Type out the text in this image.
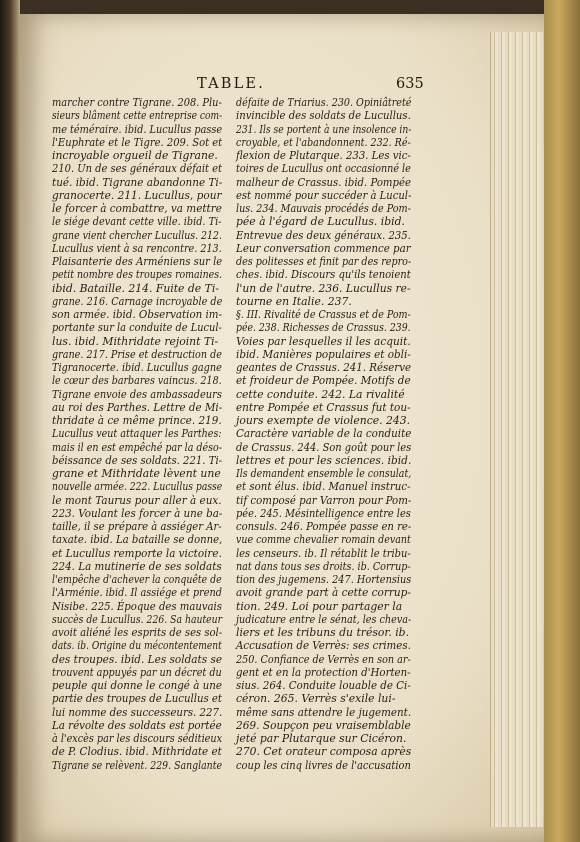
TABLE.	635
marcher contre Tigrane. 208. Plu-
sieurs blâment cette entreprise com-
me téméraire. ibid. Lucullus passe
l'Euphrate et le Tigre. 209. Sot et
incroyable orgueil de Tigrane.
210. Un de ses généraux défait et
tué. ibid. Tigrane abandonne Ti-
granocerte. 211. Lucullus, pour
le forcer à combattre, va mettre
le siége devant cette ville. ibid. Ti-
grane vient chercher Lucullus. 212.
Lucullus vient à sa rencontre. 213.
Plaisanterie des Arméniens sur le
petit nombre des troupes romaines.
ibid. Bataille. 214. Fuite de Ti-
grane. 216. Carnage incroyable de
son armée. ibid. Observation im-
portante sur la conduite de Lucul-
lus. ibid. Mithridate rejoint Ti-
grane. 217. Prise et destruction de
Tigranocerte. ibid. Lucullus gagne
le cœur des barbares vaincus. 218.
Tigrane envoie des ambassadeurs
au roi des Parthes. Lettre de Mi-
thridate à ce même prince. 219.
Lucullus veut attaquer les Parthes:
mais il en est empêché par la déso-
béissance de ses soldats. 221. Ti-
grane et Mithridate lèvent une
nouvelle armée. 222. Lucullus passe
le mont Taurus pour aller à eux.
223. Voulant les forcer à une ba-
taille, il se prépare à assiéger Ar-
taxate. ibid. La bataille se donne,
et Lucullus remporte la victoire.
224. La mutinerie de ses soldats
l'empêche d'achever la conquête de
l'Arménie. ibid. Il assiége et prend
Nisibe. 225. Époque des mauvais
succès de Lucullus. 226. Sa hauteur
avoit aliéné les esprits de ses sol-
dats. ib. Origine du mécontentement
des troupes. ibid. Les soldats se
trouvent appuyés par un décret du
peuple qui donne le congé à une
partie des troupes de Lucullus et
lui nomme des successeurs. 227.
La révolte des soldats est portée
à l'excès par les discours séditieux
de P. Clodius. ibid. Mithridate et
Tigrane se relèvent. 229. Sanglante
défaite de Triarius. 230. Opiniâtreté
invincible des soldats de Lucullus.
231. Ils se portent à une insolence in-
croyable, et l'abandonnent. 232. Ré-
flexion de Plutarque. 233. Les vic-
toires de Lucullus ont occasionné le
malheur de Crassus. ibid. Pompée
est nommé pour succéder à Lucul-
lus. 234. Mauvais procédés de Pom-
pée à l'égard de Lucullus. ibid.
Entrevue des deux généraux. 235.
Leur conversation commence par
des politesses et finit par des repro-
ches. ibid. Discours qu'ils tenoient
l'un de l'autre. 236. Lucullus re-
tourne en Italie. 237.
§. III. Rivalité de Crassus et de Pom-
pée. 238. Richesses de Crassus. 239.
Voies par lesquelles il les acquit.
ibid. Manières populaires et obli-
geantes de Crassus. 241. Réserve
et froideur de Pompée. Motifs de
cette conduite. 242. La rivalité
entre Pompée et Crassus fut tou-
jours exempte de violence. 243.
Caractère variable de la conduite
de Crassus. 244. Son goût pour les
lettres et pour les sciences. ibid.
Ils demandent ensemble le consulat,
et sont élus. ibid. Manuel instruc-
tif composé par Varron pour Pom-
pée. 245. Mésintelligence entre les
consuls. 246. Pompée passe en re-
vue comme chevalier romain devant
les censeurs. ib. Il rétablit le tribu-
nat dans tous ses droits. ib. Corrup-
tion des jugemens. 247. Hortensius
avoit grande part à cette corrup-
tion. 249. Loi pour partager la
judicature entre le sénat, les cheva-
liers et les tribuns du trésor. ib.
Accusation de Verrès: ses crimes.
250. Confiance de Verrès en son ar-
gent et en la protection d'Horten-
sius. 264. Conduite louable de Ci-
céron. 265. Verrès s'exile lui-
même sans attendre le jugement.
269. Soupçon peu vraisemblable
jeté par Plutarque sur Cicéron.
270. Cet orateur composa après
coup les cinq livres de l'accusation
